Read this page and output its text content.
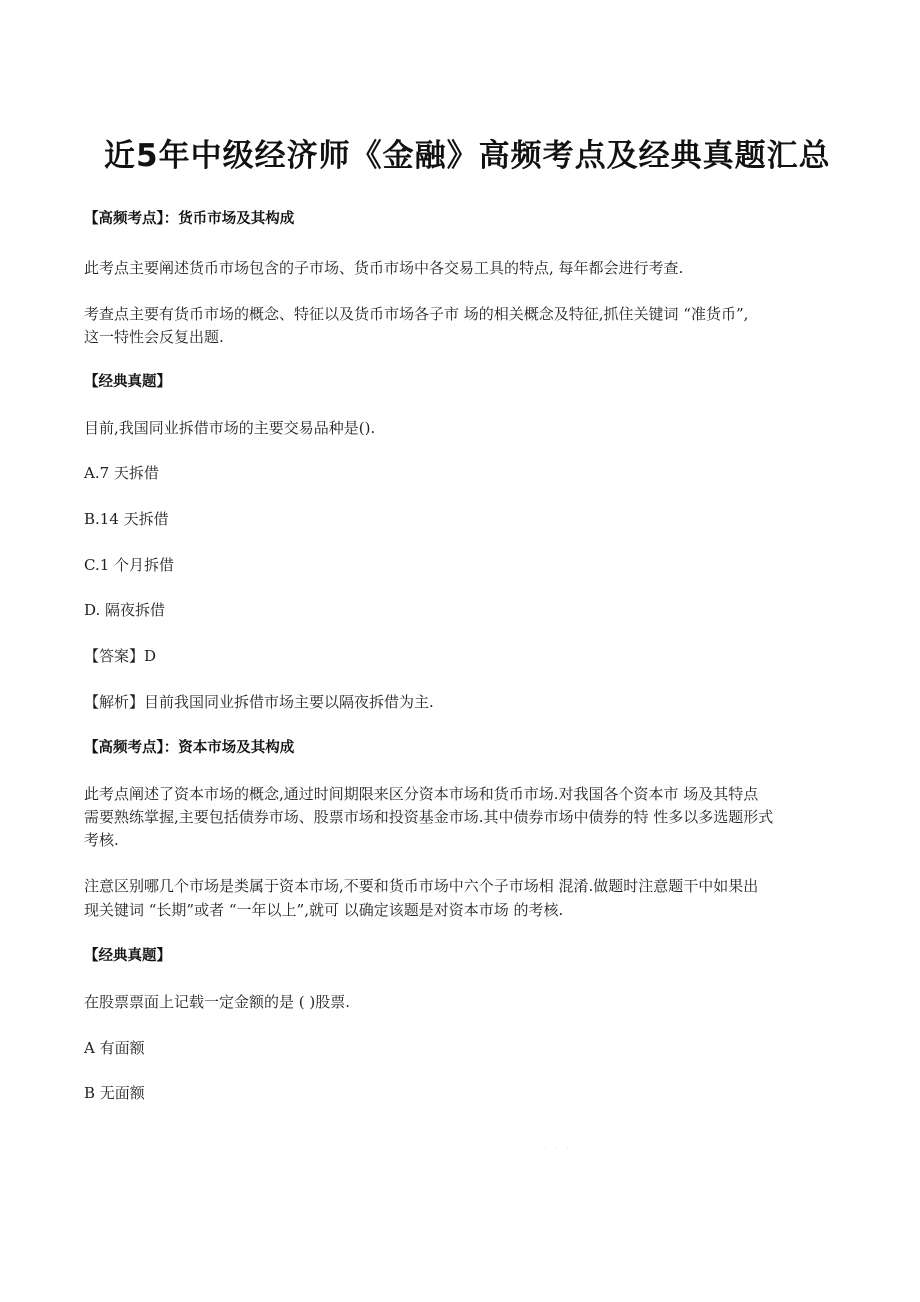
近5年中级经济师《金融》高频考点及经典真题汇总
【高频考点】：货币市场及其构成
此考点主要阐述货币市场包含的子市场、货币市场中各交易工具的特点, 每年都会进行考查.
考查点主要有货币市场的概念、特征以及货币市场各子市 场的相关概念及特征,抓住关键词 “准货币”,
这一特性会反复出题.
【经典真题】
目前,我国同业拆借市场的主要交易品种是().
A.7 天拆借
B.14 天拆借
C.1 个月拆借
D. 隔夜拆借
【答案】D
【解析】目前我国同业拆借市场主要以隔夜拆借为主.
【高频考点】：资本市场及其构成
此考点阐述了资本市场的概念,通过时间期限来区分资本市场和货币市场.对我国各个资本市 场及其特点
需要熟练掌握,主要包括债券市场、股票市场和投资基金市场.其中债券市场中债券的特 性多以多选题形式
考核.
注意区别哪几个市场是类属于资本市场,不要和货币市场中六个子市场相 混淆.做题时注意题干中如果出
现关键词 “长期”或者 “一年以上”,就可 以确定该题是对资本市场 的考核.
【经典真题】
在股票票面上记载一定金额的是 ( )股票.
A 有面额
B 无面额
· · ·
